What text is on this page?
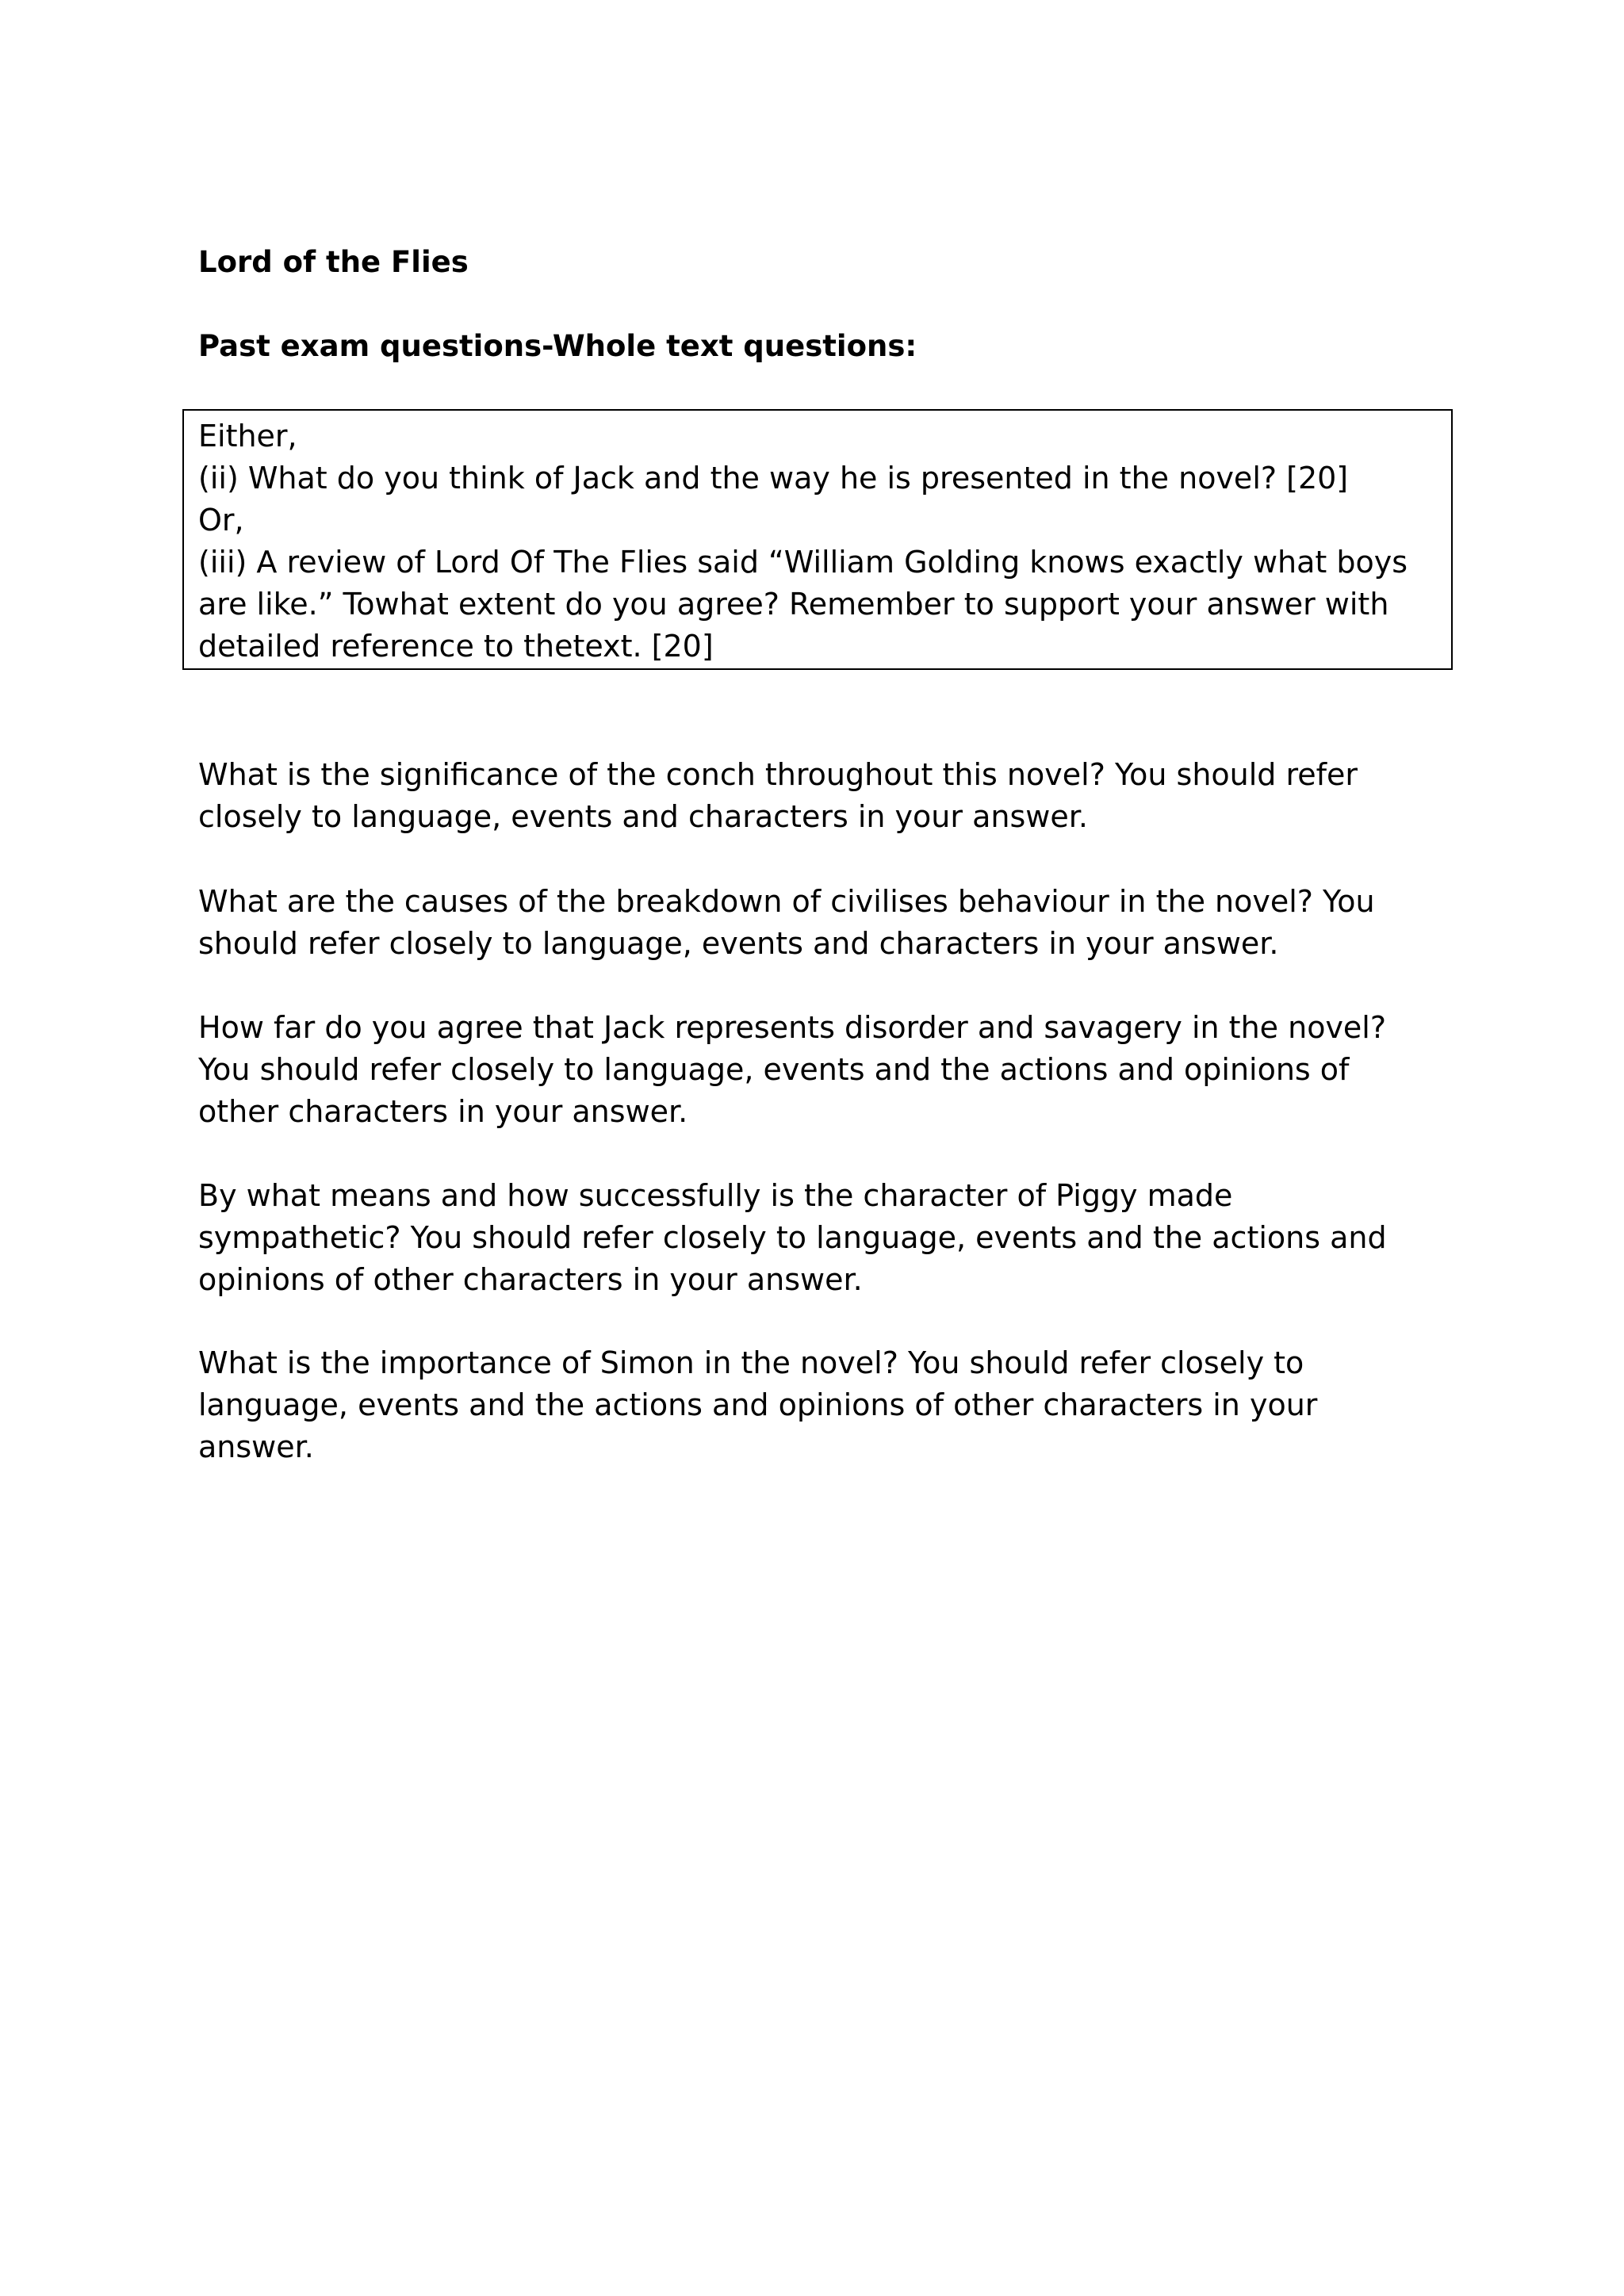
Lord of the Flies
Past exam questions-Whole text questions:
Either,
(ii) What do you think of Jack and the way he is presented in the novel? [20]
Or,
(iii) A review of Lord Of The Flies said “William Golding knows exactly what boys are like.” Towhat extent do you agree? Remember to support your answer with detailed reference to thetext. [20]

What is the significance of the conch throughout this novel? You should refer closely to language, events and characters in your answer.

What are the causes of the breakdown of civilises behaviour in the novel? You should refer closely to language, events and characters in your answer.

How far do you agree that Jack represents disorder and savagery in the novel? You should refer closely to language, events and the actions and opinions of other characters in your answer.

By what means and how successfully is the character of Piggy made sympathetic? You should refer closely to language, events and the actions and opinions of other characters in your answer.

What is the importance of Simon in the novel? You should refer closely to language, events and the actions and opinions of other characters in your answer.
